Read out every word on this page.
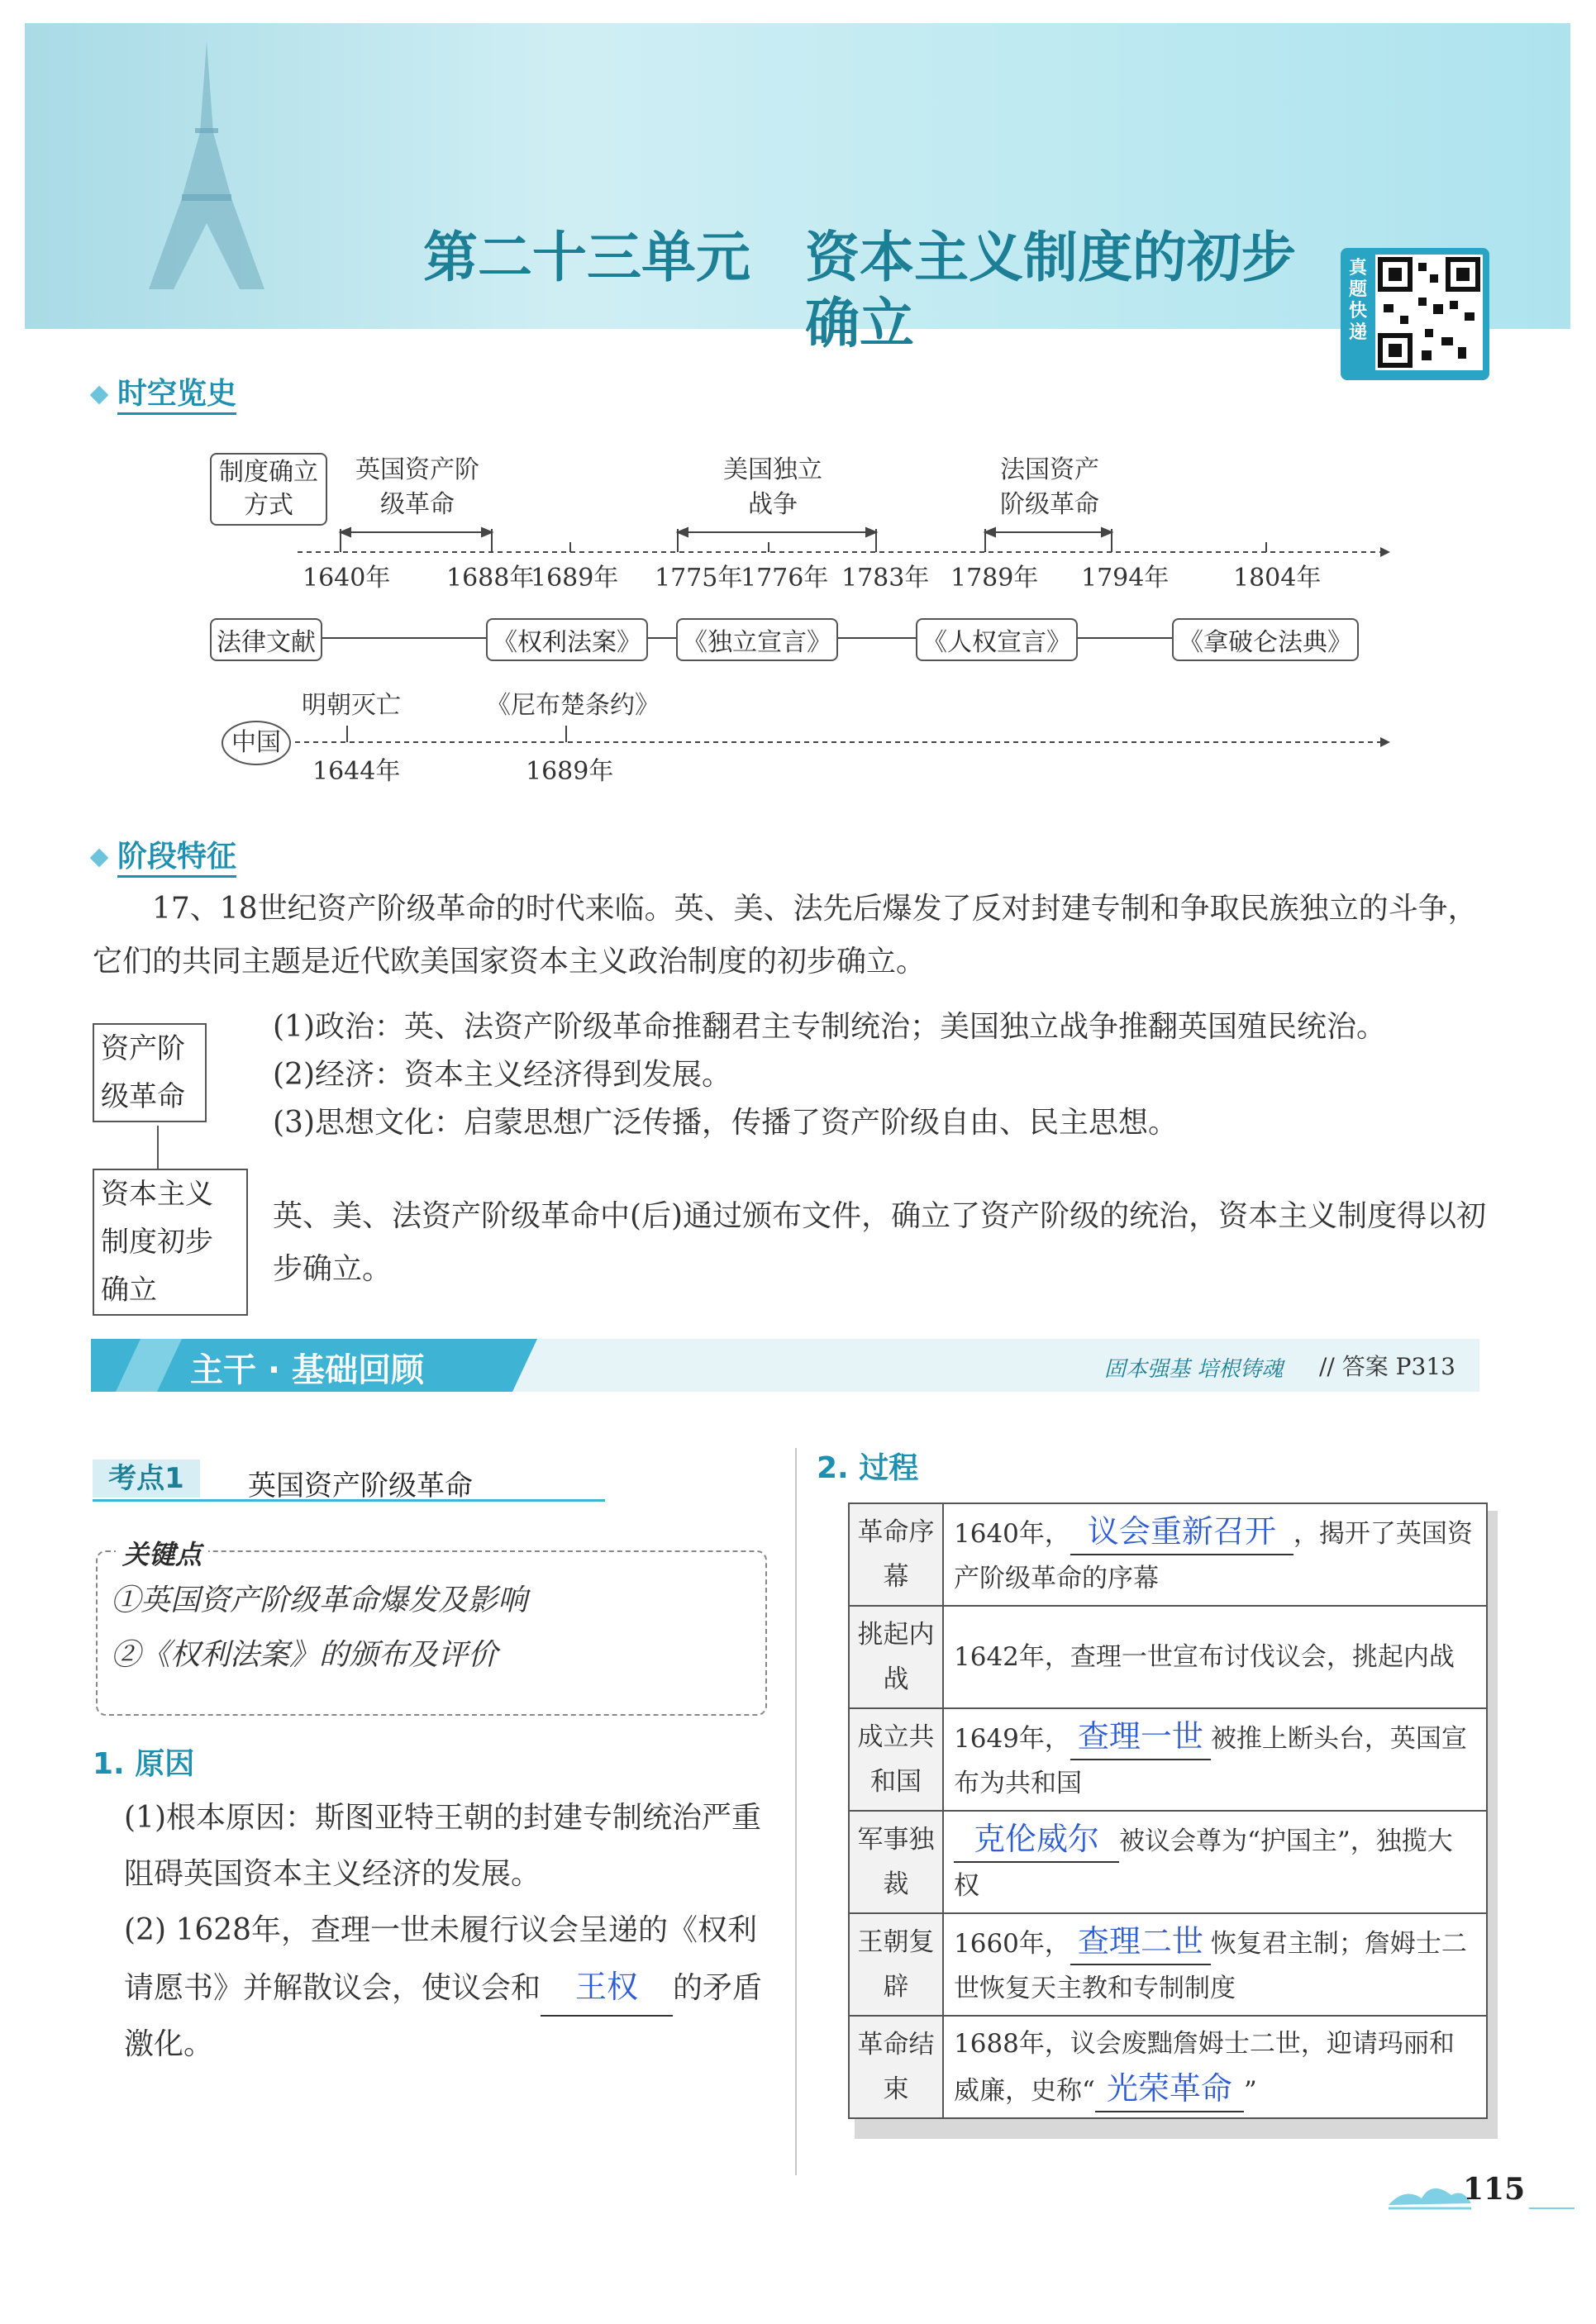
第二十三单元　资本主义制度的初步
确立
真题快递
时空览史
制度确立方式
英国资产阶级革命
美国独立战争
法国资产阶级革命
1640年 1688年
1689年 1775年
1776年 1783年 1789年 1794年	1804年
法律文献	《权利法案》 《独立宣言》	《人权宣言》	《拿破仑法典》
明朝灭亡	《尼布楚条约》
中国
1644年	1689年
阶段特征
17、18世纪资产阶级革命的时代来临。英、美、法先后爆发了反对封建专制和争取民族独立的斗争，它们的共同主题是近代欧美国家资本主义政治制度的初步确立。
资产阶级革命
资本主义制度初步确立
(1)政治：英、法资产阶级革命推翻君主专制统治；美国独立战争推翻英国殖民统治。
(2)经济：资本主义经济得到发展。
(3)思想文化：启蒙思想广泛传播，传播了资产阶级自由、民主思想。
英、美、法资产阶级革命中(后)通过颁布文件，确立了资产阶级的统治，资本主义制度得以初步确立。
主干 · 基础回顾	固本强基 培根铸魂 // 答案 P313
考点1	英国资产阶级革命
关键点
①英国资产阶级革命爆发及影响
②《权利法案》的颁布及评价
1. 原因
(1)根本原因：斯图亚特王朝的封建专制统治严重阻碍英国资本主义经济的发展。
(2) 1628年，查理一世未履行议会呈递的《权利请愿书》并解散议会，使议会和 王权 的矛盾激化。
2. 过程
革命序幕	1640年， 议会重新召开 ，揭开了英国资产阶级革命的序幕
挑起内战	1642年，查理一世宣布讨伐议会，挑起内战
成立共和国	1649年， 查理一世 被推上断头台，英国宣布为共和国
军事独裁	克伦威尔 被议会尊为“护国主”，独揽大权
王朝复辟	1660年， 查理二世 恢复君主制；詹姆士二世恢复天主教和专制制度
革命结束	1688年，议会废黜詹姆士二世，迎请玛丽和威廉，史称“ 光荣革命 ”
115
